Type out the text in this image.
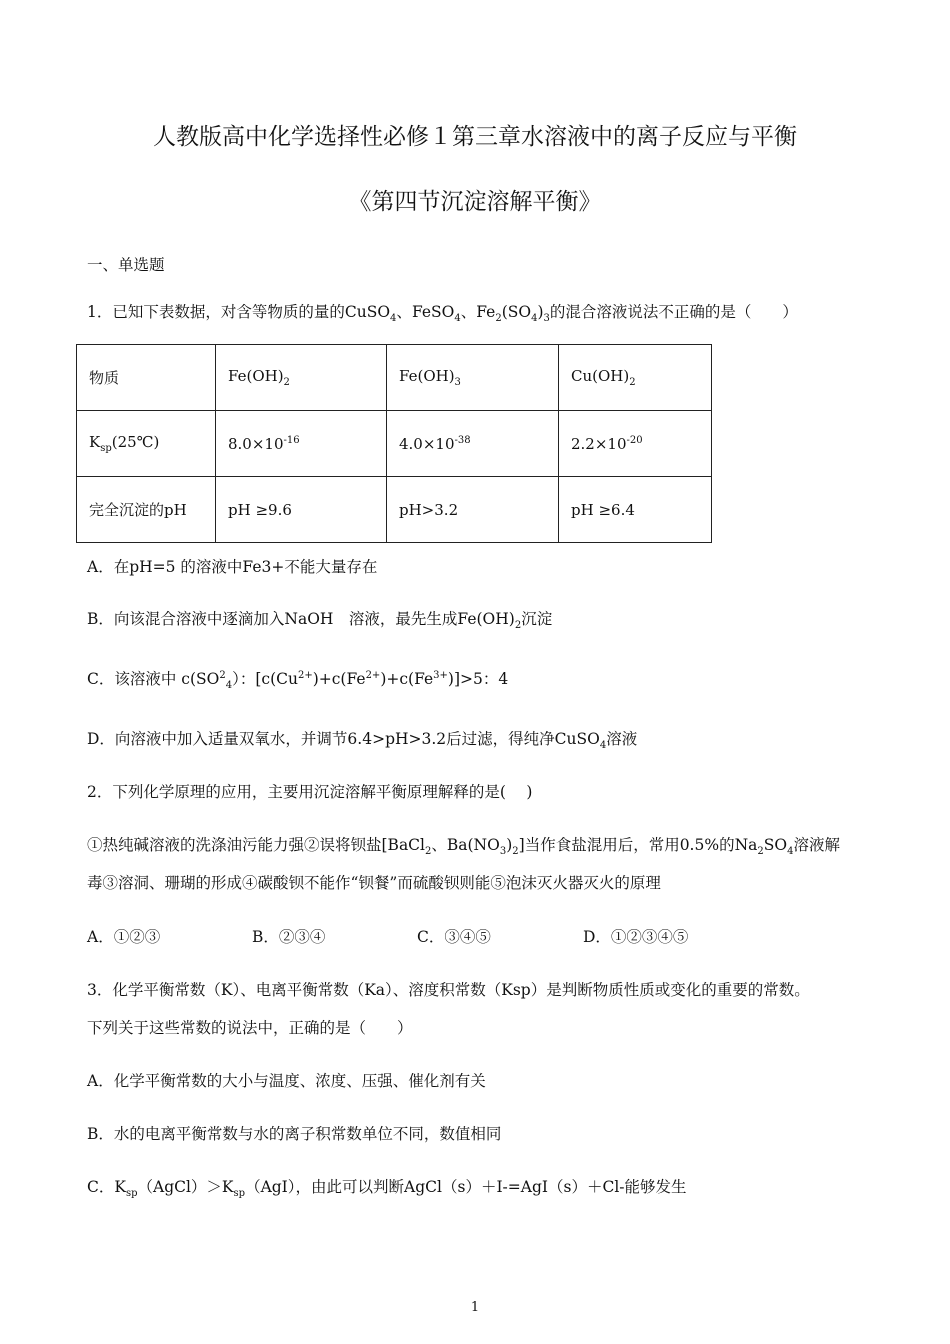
人教版高中化学选择性必修１第三章水溶液中的离子反应与平衡
《第四节沉淀溶解平衡》
一、单选题
1．已知下表数据，对含等物质的量的CuSO$_4$、FeSO$_4$、$Fe_2(SO_4)_3$的混合溶液说法不正确的是（　　）
物质	$Fe(OH)_2$	$Fe(OH)_3$	$Cu(OH)_2$
$K_{sp}(25℃)$	$8.0\times 10^{-16}$	$4.0\times 10^{-38}$	$2.2\times 10^{-20}$
完全沉淀的pH	pH ≥9.6	pH>3.2	pH ≥6.4
A．在pH=5 的溶液中Fe3+不能大量存在
B．向该混合溶液中逐滴加入NaOH　溶液，最先生成$Fe(OH)_2$沉淀
C．该溶液中 $c(SO^2_4)$：$[c(Cu^{2+})+c(Fe^{2+})+c(Fe^{3+})]>5$：4
D．向溶液中加入适量双氧水，并调节6.4>pH>3.2后过滤，得纯净CuSO$_4$溶液
2．下列化学原理的应用，主要用沉淀溶解平衡原理解释的是(　 )
①热纯碱溶液的洗涤油污能力强②误将钡盐[BaCl$_2$、$Ba(NO_3)_2$]当作食盐混用后，常用0.5%的$Na_2SO_4$溶液解
毒③溶洞、珊瑚的形成④碳酸钡不能作“钡餐”而硫酸钡则能⑤泡沫灭火器灭火的原理
A．①②③	B．②③④	C．③④⑤	D．①②③④⑤
3．化学平衡常数（K）、电离平衡常数（Ka）、溶度积常数（Ksp）是判断物质性质或变化的重要的常数。
下列关于这些常数的说法中，正确的是（　　）
A．化学平衡常数的大小与温度、浓度、压强、催化剂有关
B．水的电离平衡常数与水的离子积常数单位不同，数值相同
C．$K_{sp}(AgCl)>K_{sp}(AgI)$，由此可以判断AgCl（s）＋I-=AgI（s）＋Cl-能够发生
1
